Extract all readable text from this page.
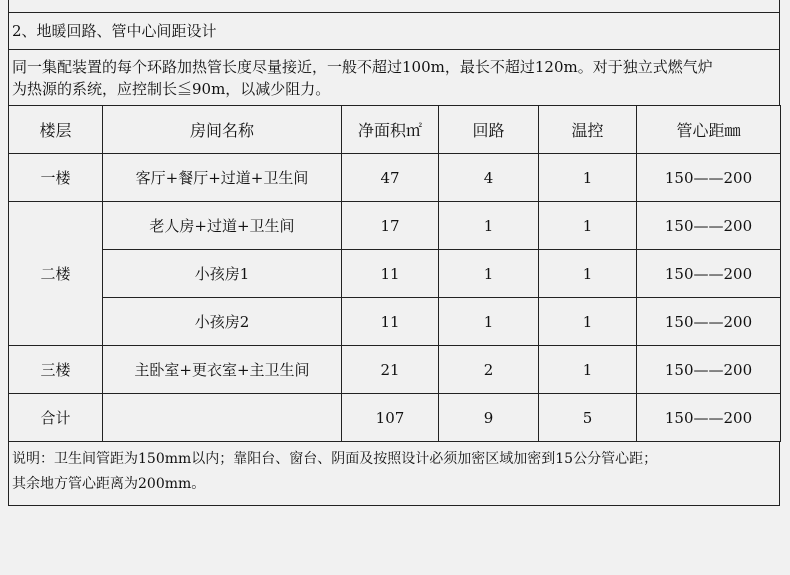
2、地暖回路、管中心间距设计
同一集配装置的每个环路加热管长度尽量接近，一般不超过100m，最长不超过120m。对于独立式燃气炉
为热源的系统，应控制长≦90m，以减少阻力。
楼层	房间名称	净面积㎡	回路	温控	管心距㎜
一楼	客厅+餐厅+过道+卫生间	47	4	1	150——200
二楼	老人房+过道+卫生间	17	1	1	150——200
	小孩房1	11	1	1	150——200
	小孩房2	11	1	1	150——200
三楼	主卧室+更衣室+主卫生间	21	2	1	150——200
合计		107	9	5	150——200
说明：卫生间管距为150mm以内；靠阳台、窗台、阴面及按照设计必须加密区域加密到15公分管心距；
其余地方管心距离为200mm。
